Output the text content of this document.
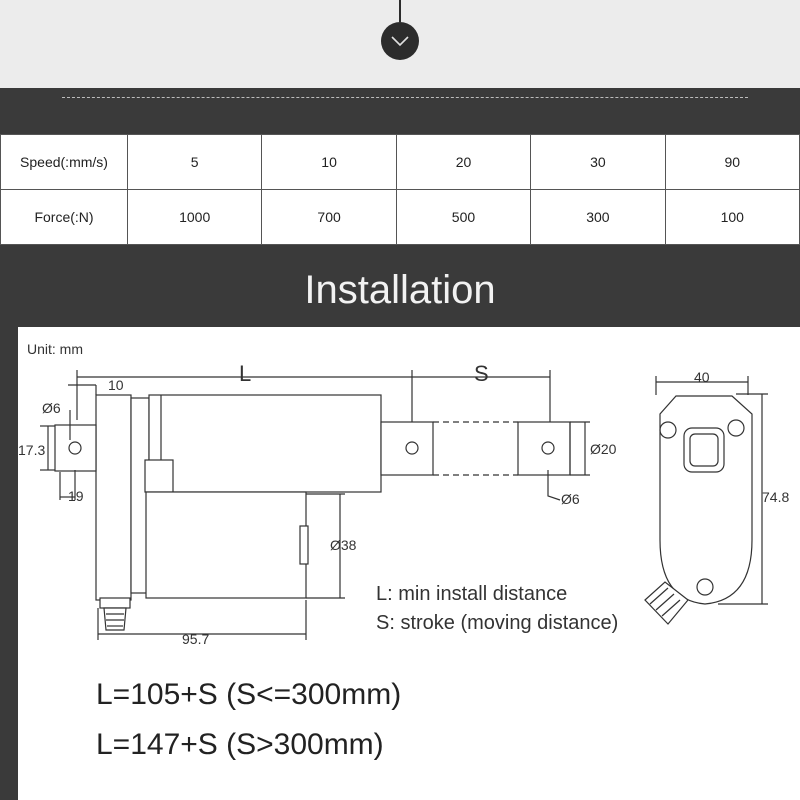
Speed(:mm/s)	5	10	20	30	90
Force(:N)	1000	700	500	300	100
Installation
Unit: mm
L	S
10
Ø6
17.3
19
Ø20
Ø6
Ø38
95.7
40
74.8
L: min install distance
S: stroke (moving distance)
L=105+S (S<=300mm)
L=147+S (S>300mm)
